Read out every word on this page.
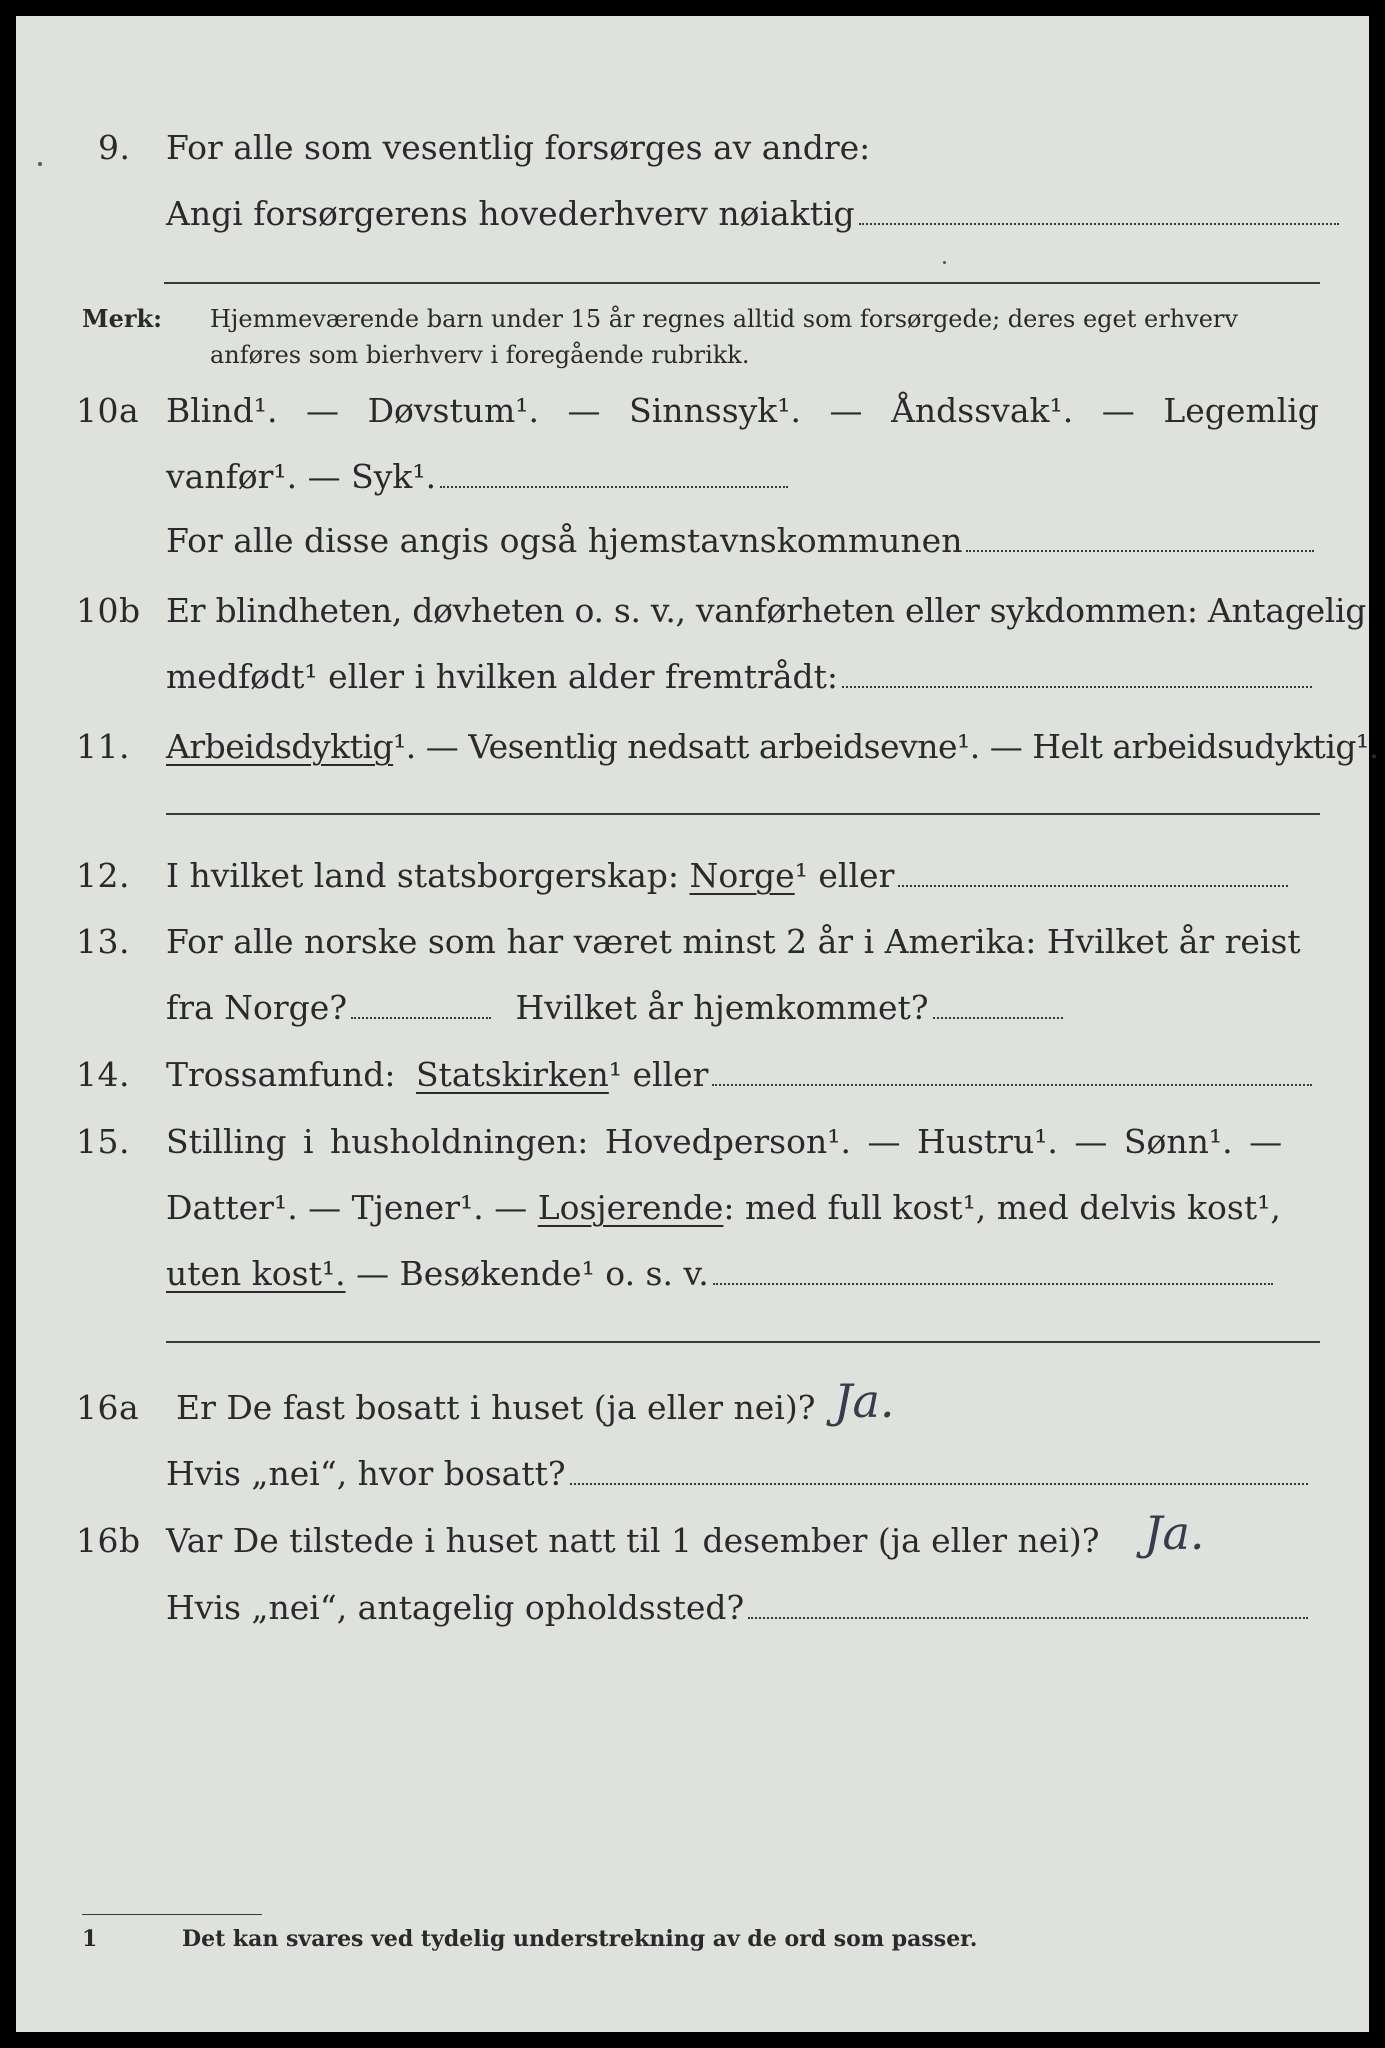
9. For alle som vesentlig forsørges av andre:
Angi forsørgerens hovederhverv nøiaktig
Merk: Hjemmeværende barn under 15 år regnes alltid som forsørgede; deres eget erhverv
anføres som bierhverv i foregående rubrikk.
10a Blind¹. — Døvstum¹. — Sinnssyk¹. — Åndssvak¹. — Legemlig
vanfør¹. — Syk¹.
For alle disse angis også hjemstavnskommunen
10b Er blindheten, døvheten o. s. v., vanførheten eller sykdommen: Antagelig
medfødt¹ eller i hvilken alder fremtrådt:
11. Arbeidsdyktig¹. — Vesentlig nedsatt arbeidsevne¹. — Helt arbeidsudyktig¹.
12. I hvilket land statsborgerskap: Norge¹ eller
13. For alle norske som har været minst 2 år i Amerika: Hvilket år reist
fra Norge?	Hvilket år hjemkommet?
14. Trossamfund: Statskirken¹ eller
15. Stilling i husholdningen: Hovedperson¹. — Hustru¹. — Sønn¹. —
Datter¹. — Tjener¹. — Losjerende: med full kost¹, med delvis kost¹,
uten kost¹. — Besøkende¹ o. s. v.
16a Er De fast bosatt i huset (ja eller nei)? Ja.
Hvis „nei“, hvor bosatt?
16b Var De tilstede i huset natt til 1 desember (ja eller nei)? Ja.
Hvis „nei“, antagelig opholdssted?
1	Det kan svares ved tydelig understrekning av de ord som passer.
